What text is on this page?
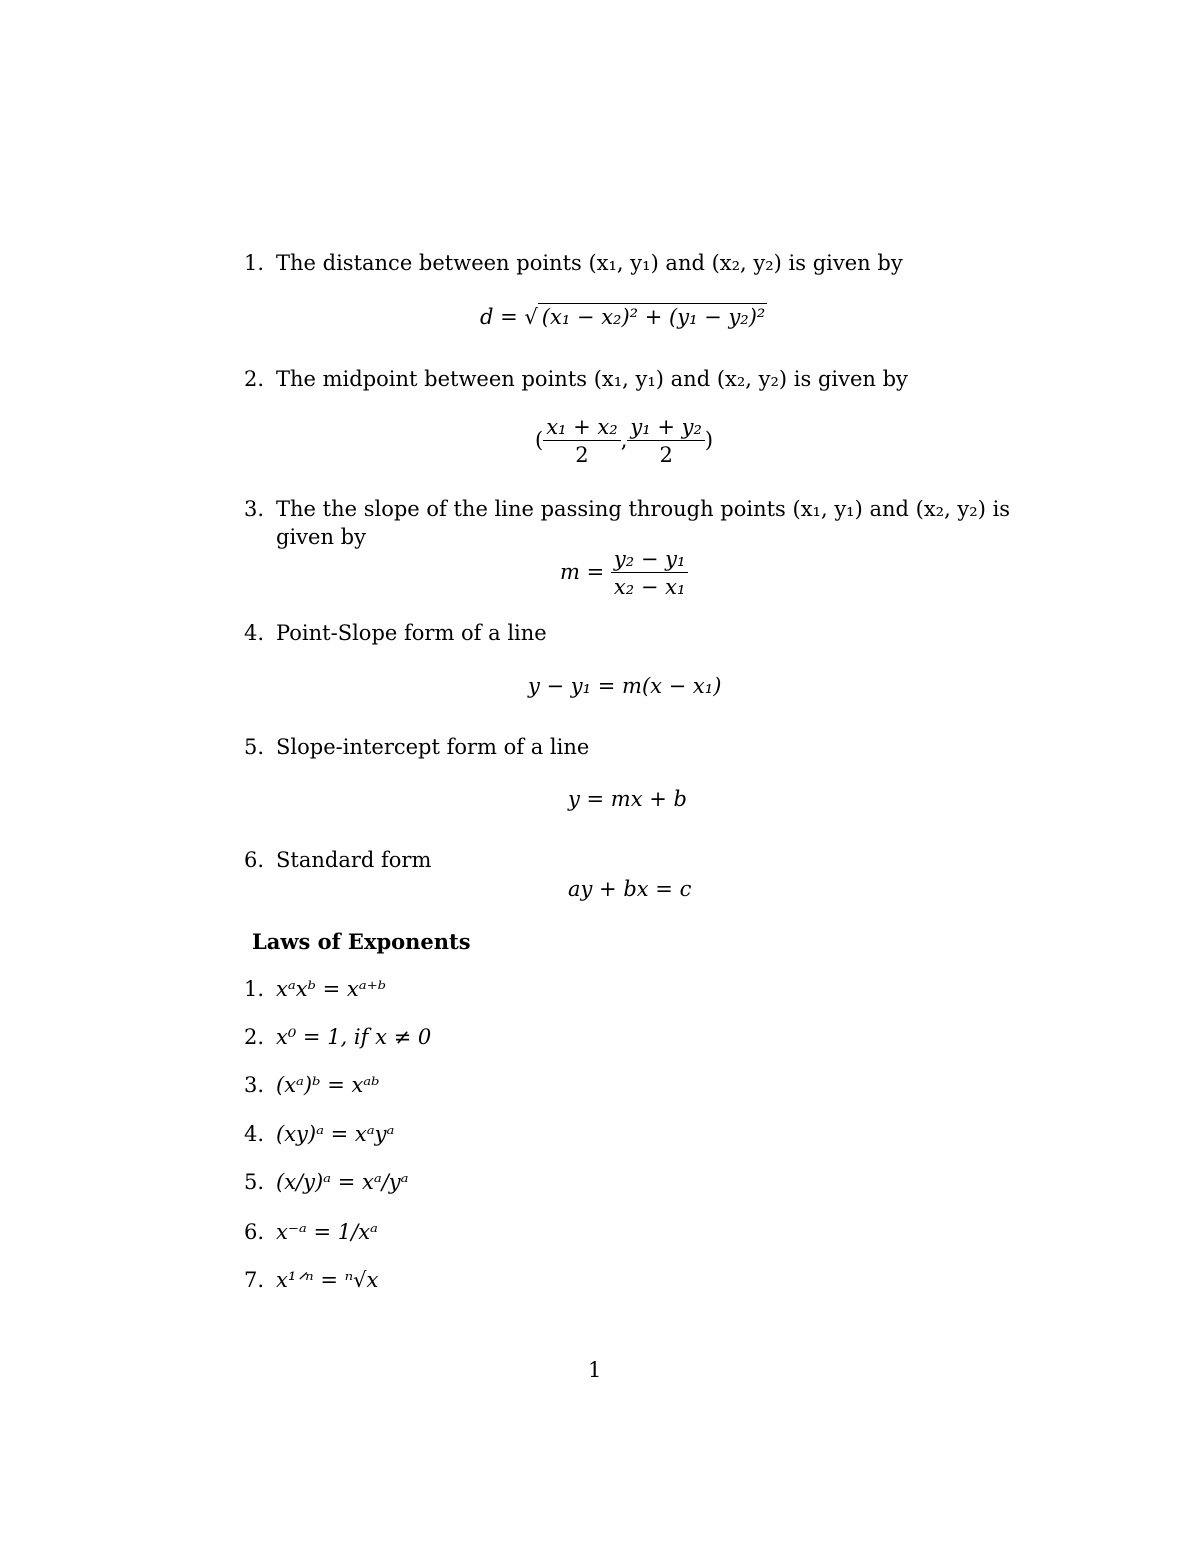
1. The distance between points (x₁, y₁) and (x₂, y₂) is given by
d = √ (x₁ − x₂)² + (y₁ − y₂)²
2. The midpoint between points (x₁, y₁) and (x₂, y₂) is given by
( $\frac{\text{x₁ + x₂}}{2}$ , $\frac{\text{y₁ + y₂}}{2}$ )
3. The the slope of the line passing through points (x₁, y₁) and (x₂, y₂) is
given by
$m = \frac{\text{y₂ − y₁}}{\text{x₂ − x₁}}$
4. Point-Slope form of a line
y − y₁ = m(x − x₁)
5. Slope-intercept form of a line
y = mx + b
6. Standard form
ay + bx = c
Laws of Exponents
1. xᵃxᵇ = xᵃ⁺ᵇ
2. x⁰ = 1, if x ≠ 0
3. (xᵃ)ᵇ = xᵃᵇ
4. (xy)ᵃ = xᵃyᵃ
5. (x/y)ᵃ = xᵃ/yᵃ
6. x⁻ᵃ = 1/xᵃ
7. x¹ᐟⁿ = ⁿ√x
1
